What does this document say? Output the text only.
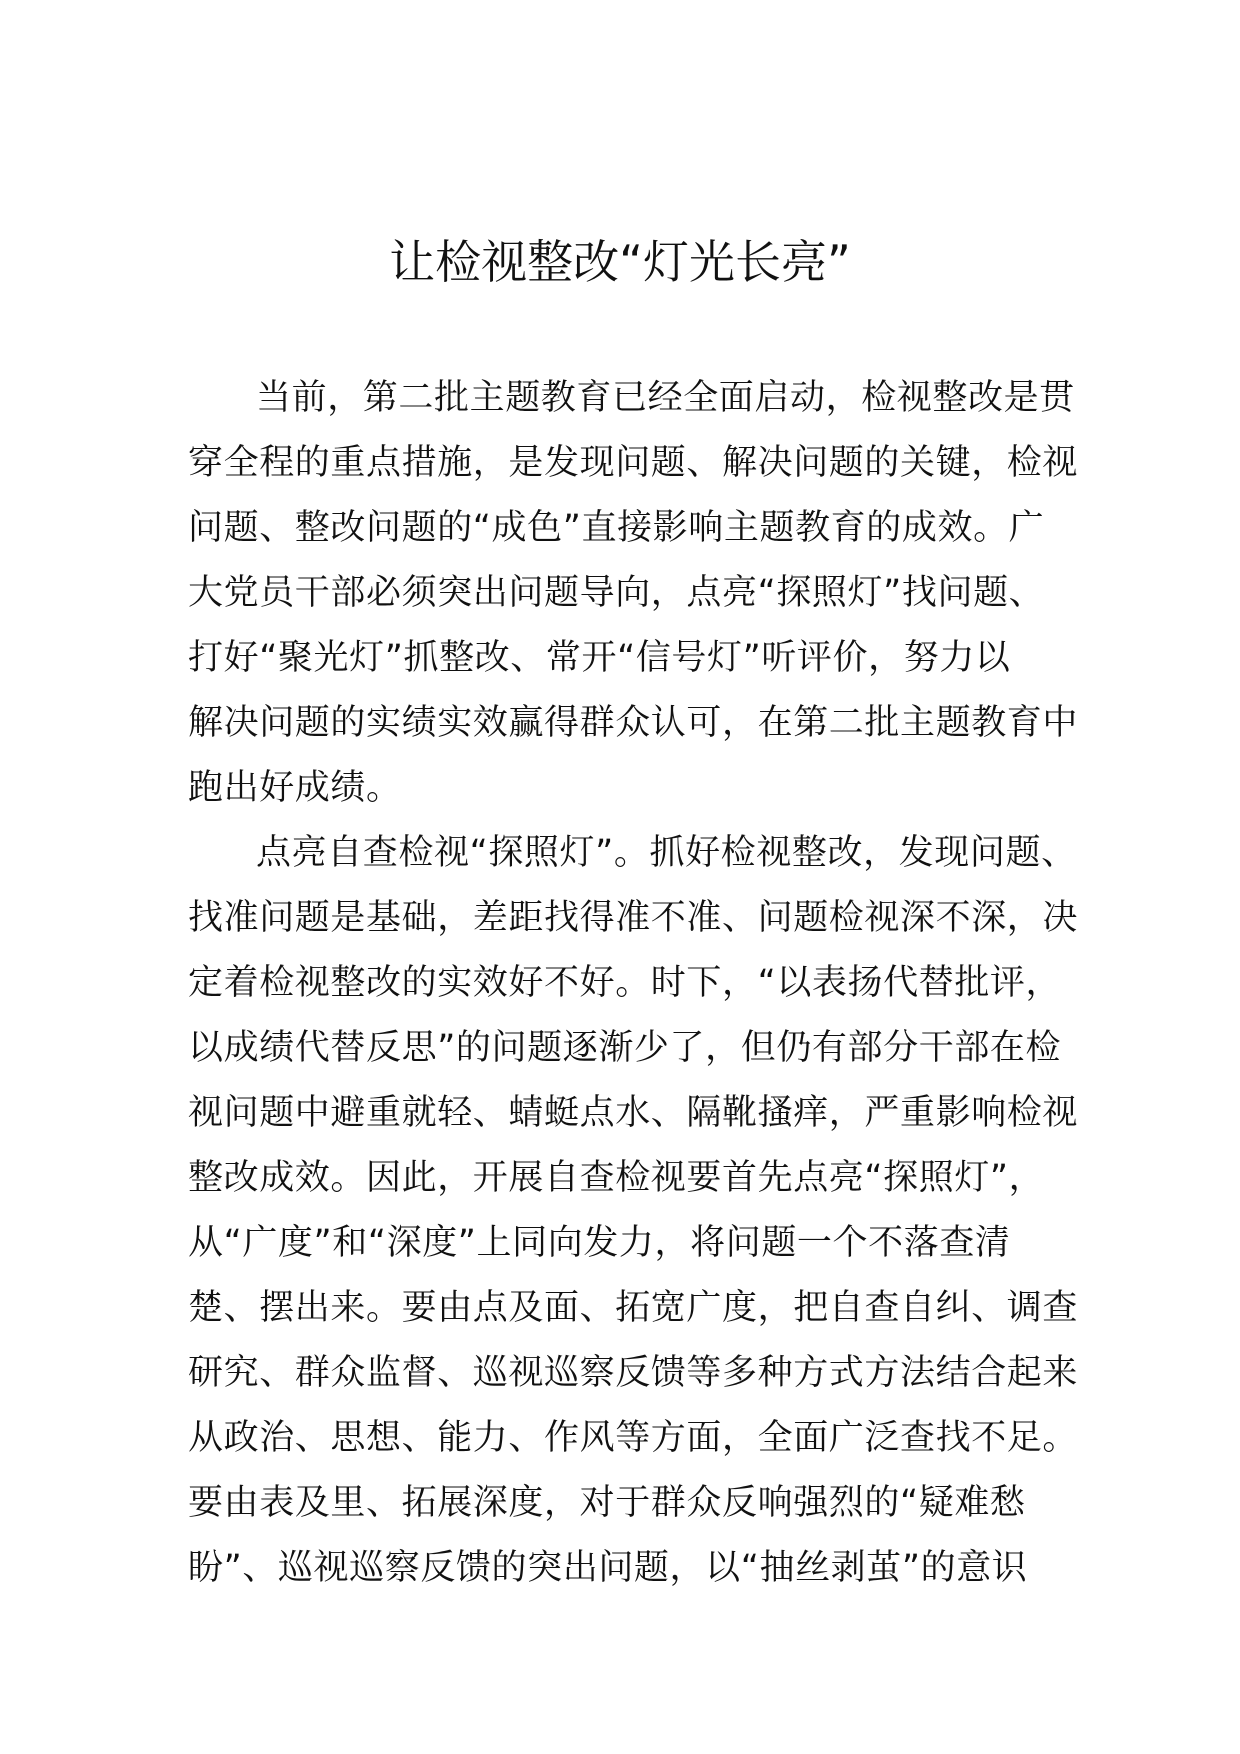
让检视整改“灯光长亮”
当前，第二批主题教育已经全面启动，检视整改是贯
穿全程的重点措施，是发现问题、解决问题的关键，检视
问题、整改问题的“成色”直接影响主题教育的成效。广
大党员干部必须突出问题导向，点亮“探照灯”找问题、
打好“聚光灯”抓整改、常开“信号灯”听评价，努力以
解决问题的实绩实效赢得群众认可，在第二批主题教育中
跑出好成绩。
点亮自查检视“探照灯”。抓好检视整改，发现问题、
找准问题是基础，差距找得准不准、问题检视深不深，决
定着检视整改的实效好不好。时下，“以表扬代替批评，
以成绩代替反思”的问题逐渐少了，但仍有部分干部在检
视问题中避重就轻、蜻蜓点水、隔靴搔痒，严重影响检视
整改成效。因此，开展自查检视要首先点亮“探照灯”，
从“广度”和“深度”上同向发力，将问题一个不落查清
楚、摆出来。要由点及面、拓宽广度，把自查自纠、调查
研究、群众监督、巡视巡察反馈等多种方式方法结合起来
从政治、思想、能力、作风等方面，全面广泛查找不足。
要由表及里、拓展深度，对于群众反响强烈的“疑难愁
盼”、巡视巡察反馈的突出问题，以“抽丝剥茧”的意识
